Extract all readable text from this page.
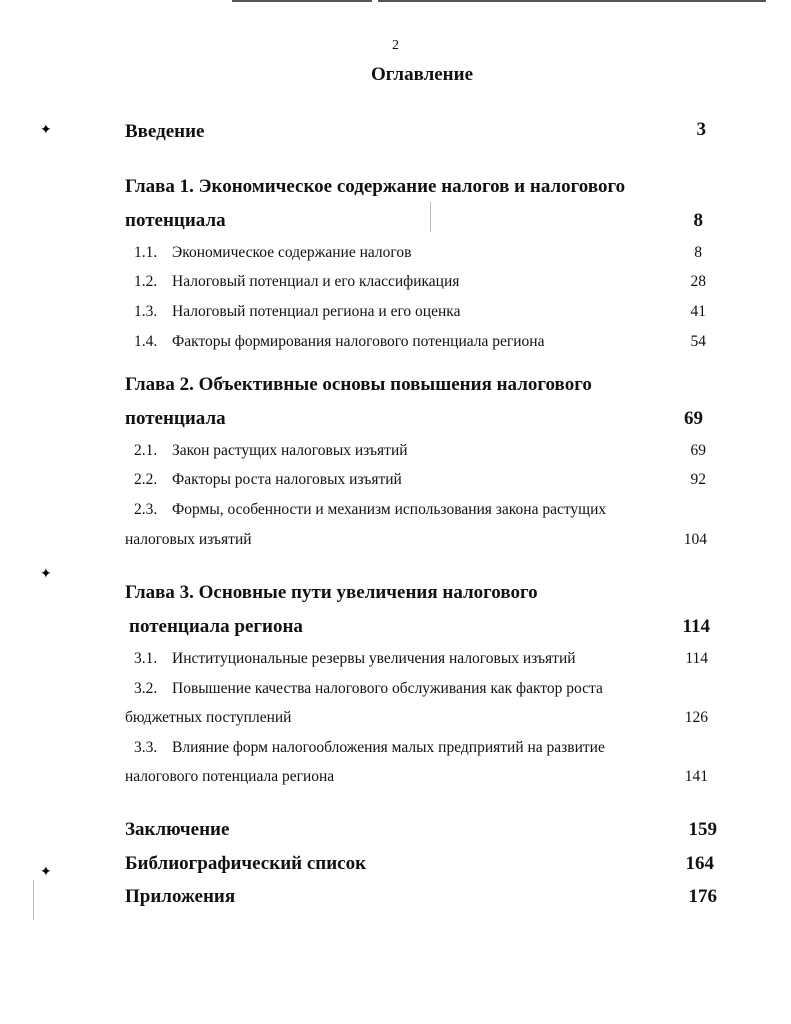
✦
✦
✦
2
Оглавление
Введение	3
Глава 1. Экономическое содержание налогов и налогового
потенциала	8
1.1. Экономическое содержание налогов	8
1.2. Налоговый потенциал и его классификация	28
1.3. Налоговый потенциал региона и его оценка	41
1.4. Факторы формирования налогового потенциала региона	54
Глава 2. Объективные основы повышения налогового
потенциала	69
2.1. Закон растущих налоговых изъятий	69
2.2. Факторы роста налоговых изъятий	92
2.3. Формы, особенности и механизм использования закона растущих
налоговых изъятий	104
Глава 3. Основные пути увеличения налогового
потенциала региона	114
3.1. Институциональные резервы увеличения налоговых изъятий	114
3.2. Повышение качества налогового обслуживания как фактор роста
бюджетных поступлений	126
3.3. Влияние форм налогообложения малых предприятий на развитие
налогового потенциала региона	141
Заключение	159
Библиографический список	164
Приложения	176
